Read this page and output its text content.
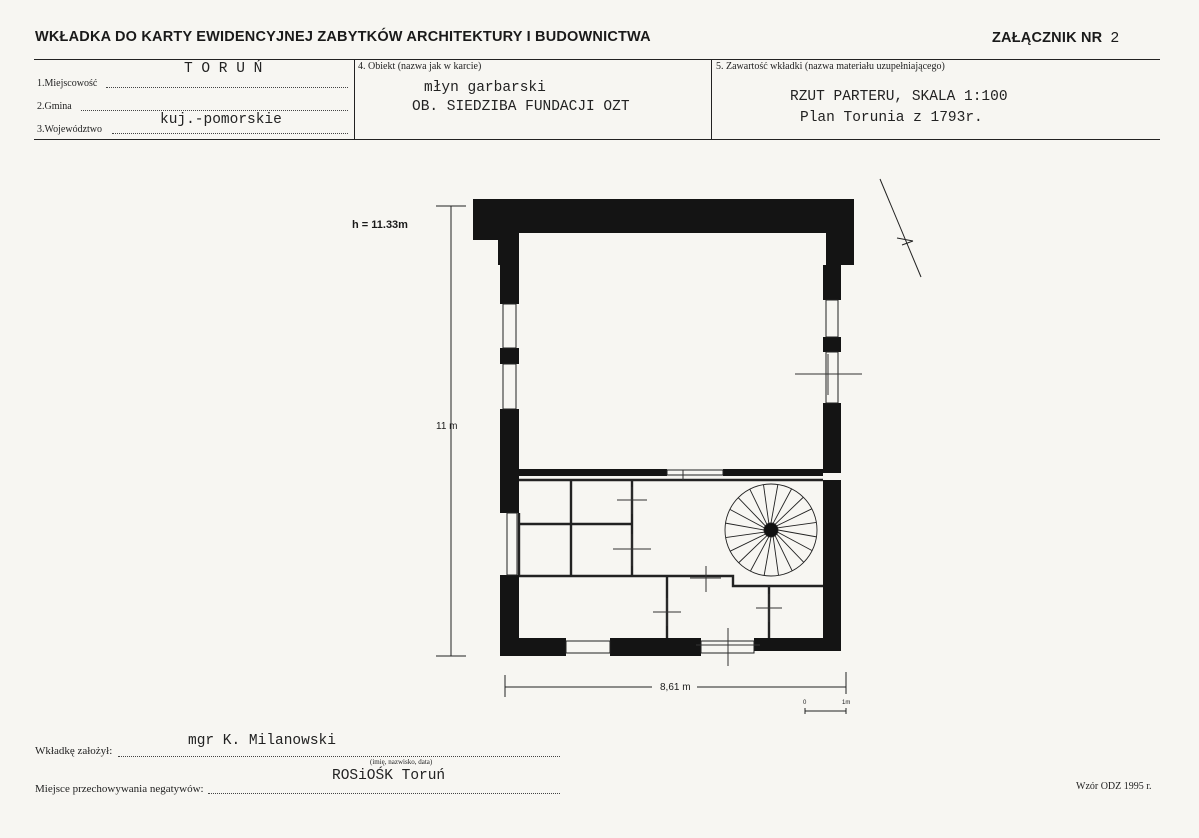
WKŁADKA DO KARTY EWIDENCYJNEJ ZABYTKÓW ARCHITEKTURY I BUDOWNICTWA	ZAŁĄCZNIK NR 2
1.Miejscowość
T O R U Ń
2.Gmina
3.Województwo
kuj.-pomorskie
4. Obiekt (nazwa jak w karcie)
młyn garbarski
OB. SIEDZIBA FUNDACJI OZT
5. Zawartość wkładki (nazwa materiału uzupełniającego)
RZUT PARTERU, SKALA 1:100
Plan Torunia z 1793r.
h = 11.33m
11 m
8,61 m
0	1m
Wkładkę założył:
mgr K. Milanowski
(imię, nazwisko, data)
Miejsce przechowywania negatywów:
ROSiOŚK Toruń
Wzór ODZ 1995 r.
